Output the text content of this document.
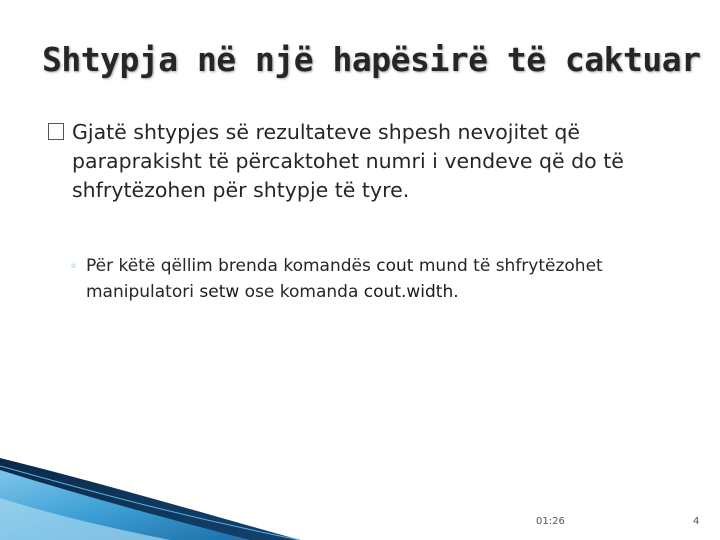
Shtypja në një hapësirë të caktuar
Gjatë shtypjes së rezultateve shpesh nevojitet që paraprakisht të përcaktohet numri i vendeve që do të shfrytëzohen për shtypje të tyre.
◦ Për këtë qëllim brenda komandës cout mund të shfrytëzohet manipulatori setw ose komanda cout.width.
01:26	4
